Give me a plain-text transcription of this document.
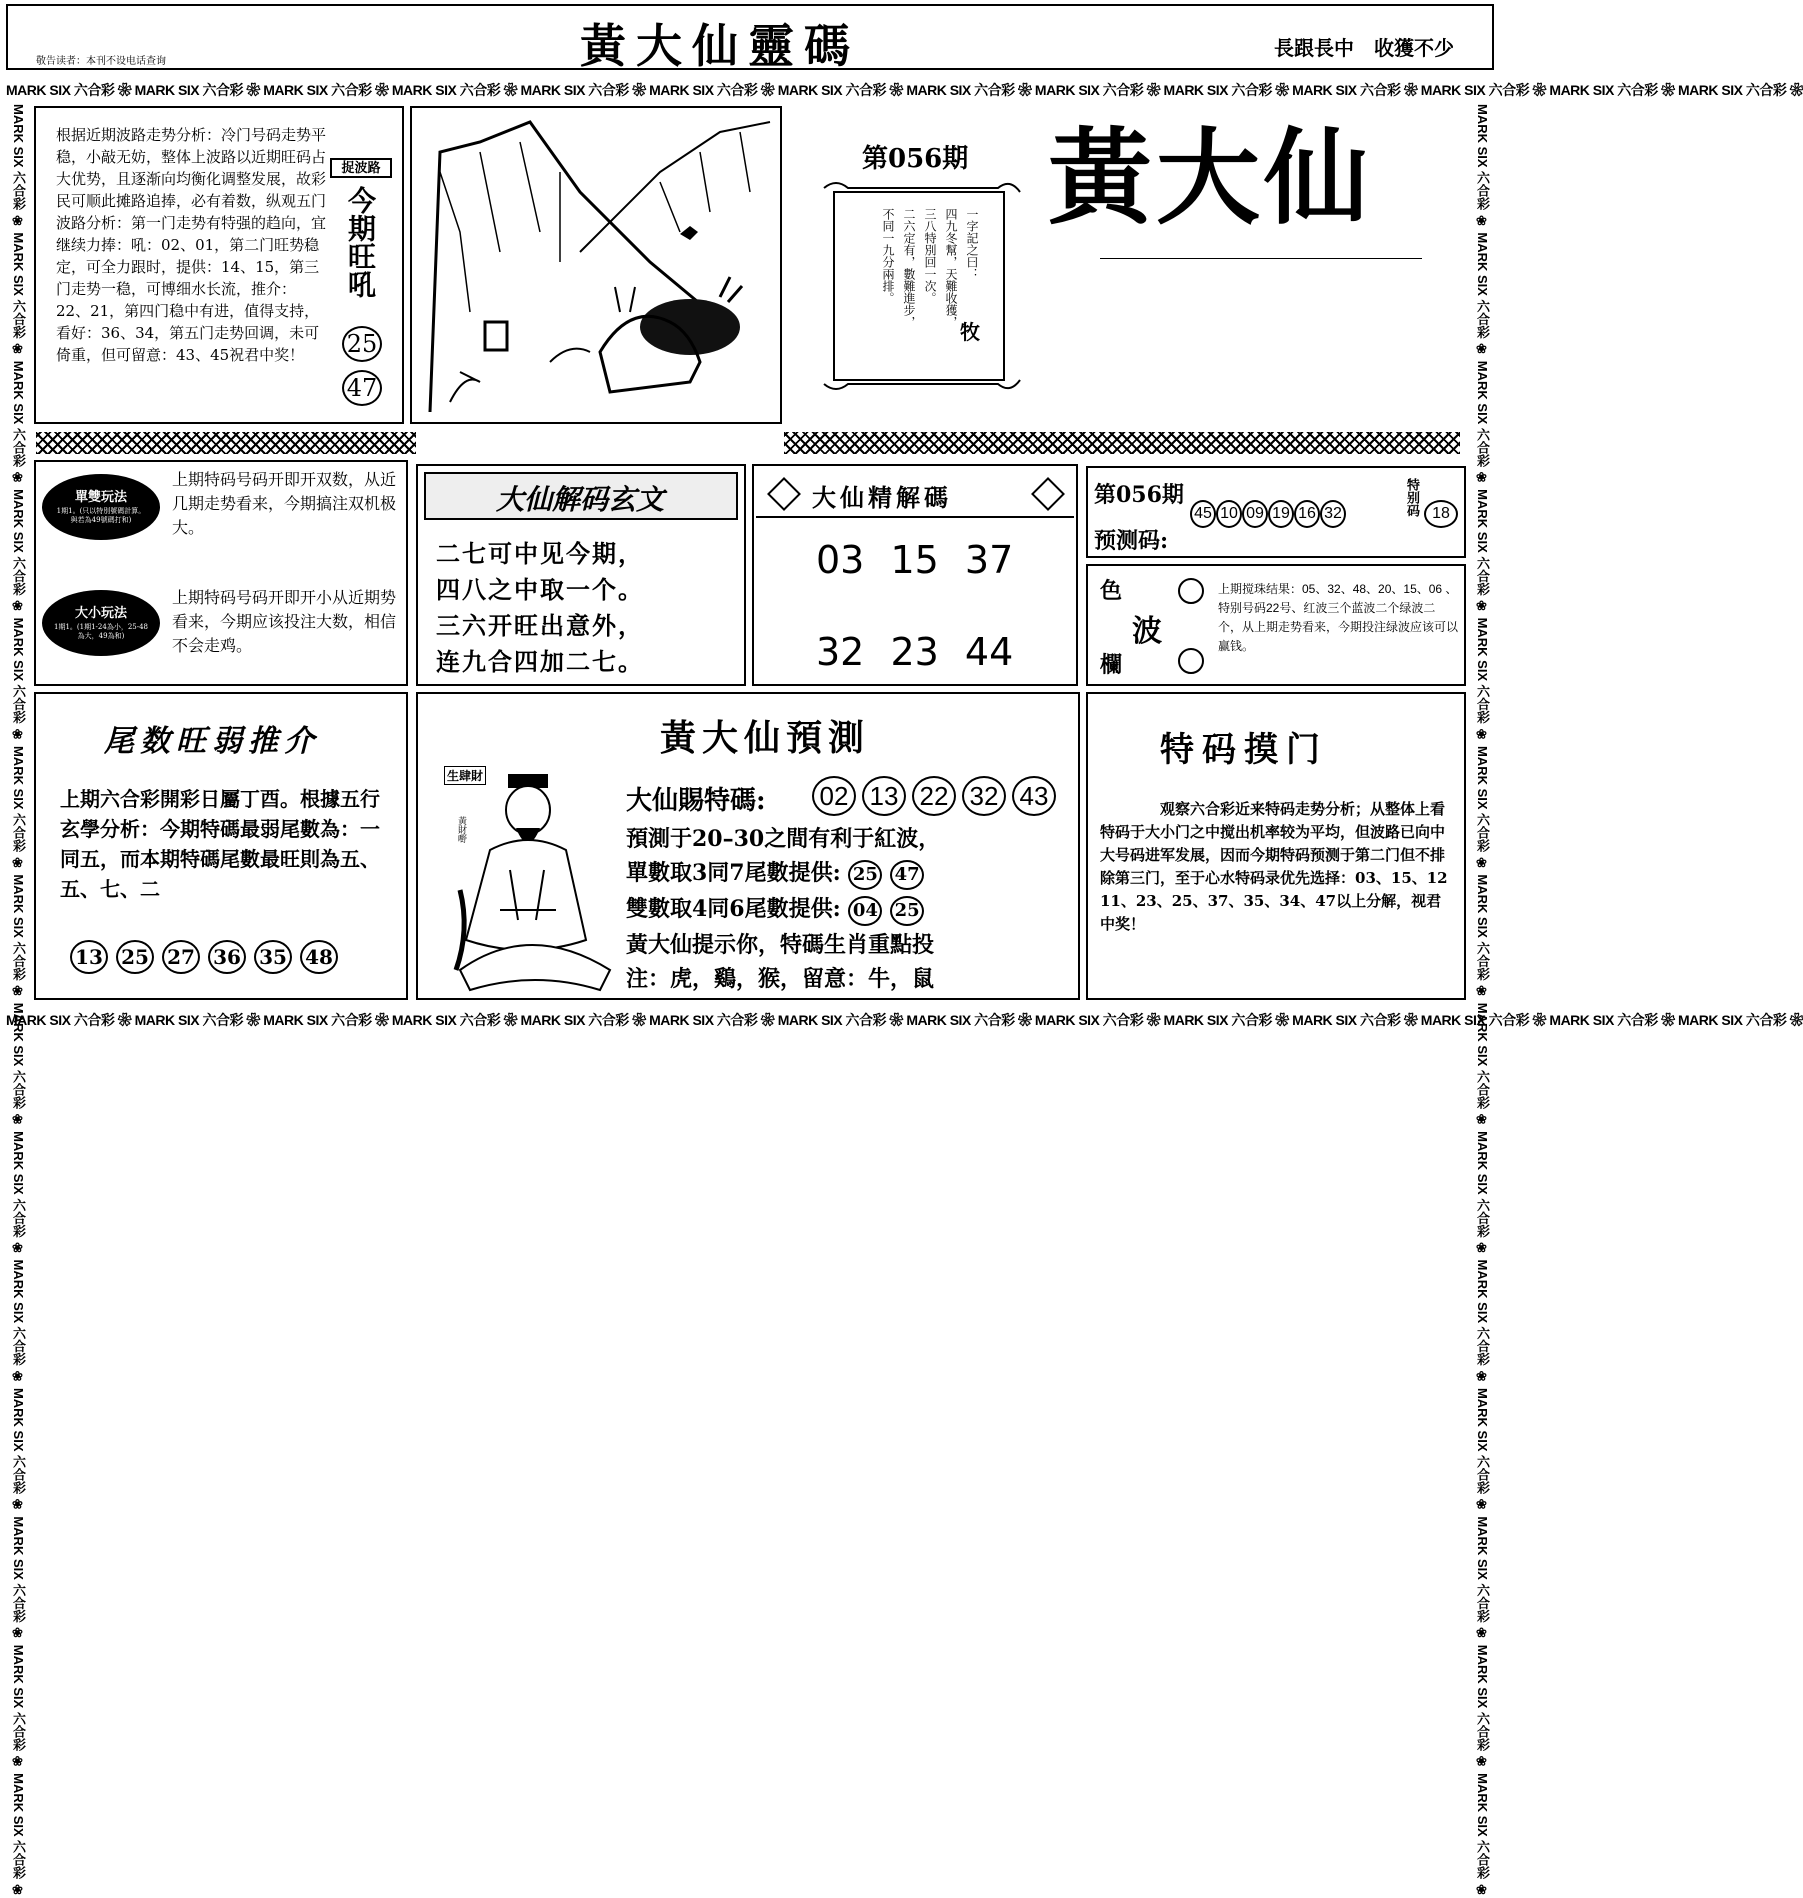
敬告读者：本刊不设电话查询	黃大仙靈碼	長跟長中　收獲不少
MARK SIX 六合彩 ❀ MARK SIX 六合彩 ❀ MARK SIX 六合彩 ❀ MARK SIX 六合彩 ❀ MARK SIX 六合彩 ❀ MARK SIX 六合彩 ❀ MARK SIX 六合彩 ❀ MARK SIX 六合彩 ❀ MARK SIX 六合彩 ❀ MARK SIX 六合彩 ❀ MARK SIX 六合彩 ❀ MARK SIX 六合彩 ❀ MARK SIX 六合彩 ❀ MARK SIX 六合彩 ❀
MARK SIX 六合彩 ❀ MARK SIX 六合彩 ❀ MARK SIX 六合彩 ❀ MARK SIX 六合彩 ❀ MARK SIX 六合彩 ❀ MARK SIX 六合彩 ❀ MARK SIX 六合彩 ❀ MARK SIX 六合彩 ❀ MARK SIX 六合彩 ❀ MARK SIX 六合彩 ❀ MARK SIX 六合彩 ❀ MARK SIX 六合彩 ❀ MARK SIX 六合彩 ❀ MARK SIX 六合彩 ❀
MARK SIX 六合彩 ❀ MARK SIX 六合彩 ❀ MARK SIX 六合彩 ❀ MARK SIX 六合彩 ❀ MARK SIX 六合彩 ❀ MARK SIX 六合彩 ❀ MARK SIX 六合彩 ❀ MARK SIX 六合彩 ❀ MARK SIX 六合彩 ❀ MARK SIX 六合彩 ❀ MARK SIX 六合彩 ❀ MARK SIX 六合彩 ❀ MARK SIX 六合彩 ❀ MARK SIX 六合彩 ❀	MARK SIX 六合彩 ❀ MARK SIX 六合彩 ❀ MARK SIX 六合彩 ❀ MARK SIX 六合彩 ❀ MARK SIX 六合彩 ❀ MARK SIX 六合彩 ❀ MARK SIX 六合彩 ❀ MARK SIX 六合彩 ❀ MARK SIX 六合彩 ❀ MARK SIX 六合彩 ❀ MARK SIX 六合彩 ❀ MARK SIX 六合彩 ❀ MARK SIX 六合彩 ❀ MARK SIX 六合彩 ❀
根据近期波路走势分析：冷门号码走势平稳，小敲无妨，整体上波路以近期旺码占大优势，且逐渐向均衡化调整发展，故彩民可顺此摊路追捧，必有着数，纵观五门波路分析：第一门走势有特强的趋向，宜继续力捧：吼：02、01，第二门旺势稳定，可全力跟时，提供：14、15，第三门走势一稳，可博细水长流，推介：22、21，第四门稳中有进，值得支持，看好：36、34，第五门走势回调，未可倚重，但可留意：43、45祝君中奖！
捉波路
今期旺吼
25 47
第056期
一字記之曰：
四九冬幫，天難收獲，
三八特別回一次。
二六定有，數難進步，
不同一九分兩排。
牧
黃大仙
單雙玩法
1期1。(只以特別號碼計算。與若為49號碼打和)
上期特码号码开即开双数，从近几期走势看来，今期搞注双机极大。
大小玩法
1期1。(1期1-24為小，25-48為大，49為和)
上期特码号码开即开小从近期势看来，今期应该投注大数，相信不会走鸡。
大仙解码玄文
二七可中见今期，
四八之中取一个。
三六开旺出意外，
连九合四加二七。
大仙精解碼
03 15 37
32 23 44
第056期
预测码:
45 10 09 19 16 32	特别码 18
色
波
欄
上期搅珠结果：05、32、48、20、15、06 、特别号码22号、红波三个蓝波二个绿波二个，从上期走势看来，今期投注绿波应该可以赢钱。
尾数旺弱推介
上期六合彩開彩日屬丁酉。根據五行玄學分析：今期特碼最弱尾數為：一同五，而本期特碼尾數最旺則為五、五、七、二
13 25 27 36 35 48
黃大仙預測
生肆財
黃財嘢
大仙賜特碼: 02 13 22 32 43
預測于20–30之間有利于紅波，
單數取3同7尾數提供: 25 47
雙數取4同6尾數提供: 04 25
黃大仙提示你，特碼生肖重點投
注：虎，鷄，猴，留意：牛，鼠
特码摸门
观察六合彩近来特码走势分析；从整体上看特码于大小门之中搅出机率较为平均，但波路已向中大号码进军发展，因而今期特码预测于第二门但不排除第三门，至于心水特码录优先选择：03、15、12 11、23、25、37、35、34、47以上分解，视君中奖！
